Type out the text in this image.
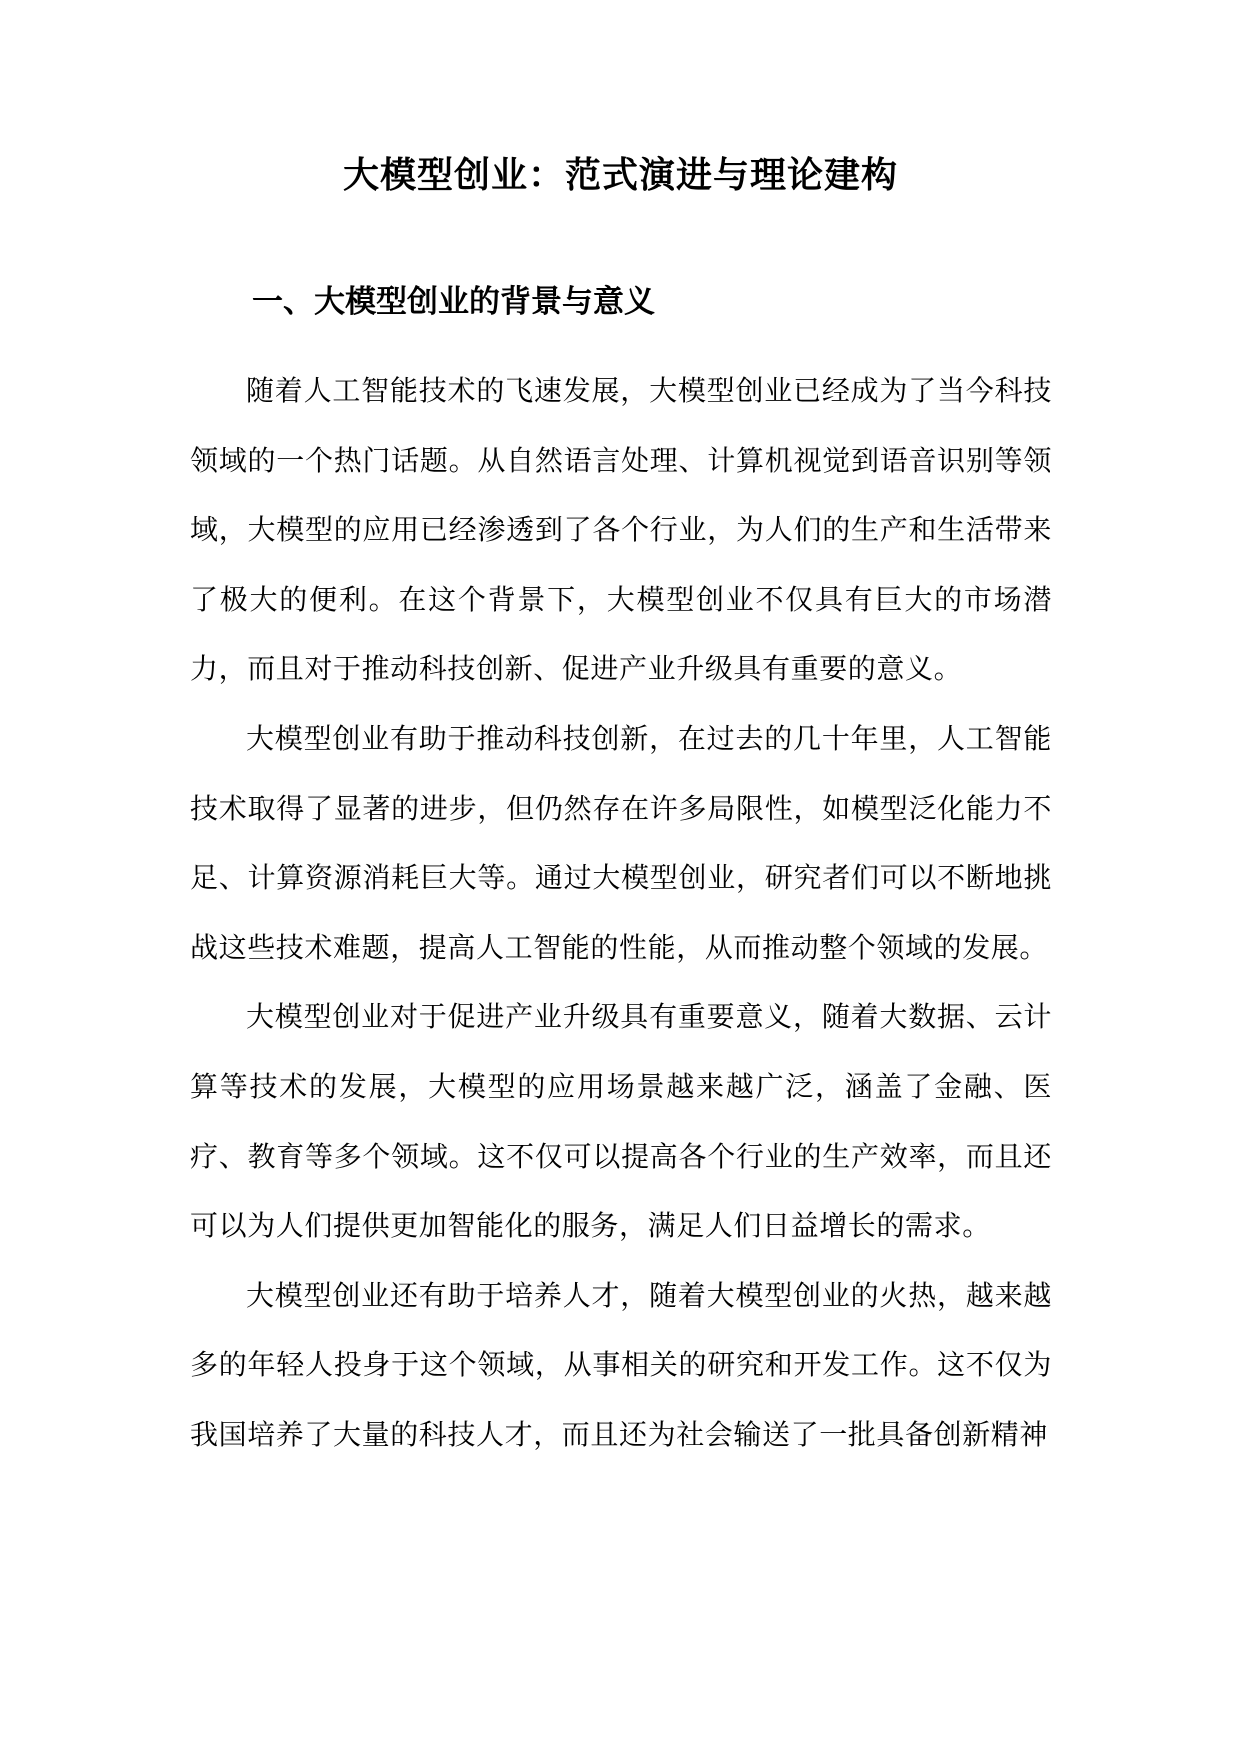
大模型创业：范式演进与理论建构
一、大模型创业的背景与意义

随着人工智能技术的飞速发展，大模型创业已经成为了当今科技领域的一个热门话题。从自然语言处理、计算机视觉到语音识别等领域，大模型的应用已经渗透到了各个行业，为人们的生产和生活带来了极大的便利。在这个背景下，大模型创业不仅具有巨大的市场潜力，而且对于推动科技创新、促进产业升级具有重要的意义。

大模型创业有助于推动科技创新，在过去的几十年里，人工智能技术取得了显著的进步，但仍然存在许多局限性，如模型泛化能力不足、计算资源消耗巨大等。通过大模型创业，研究者们可以不断地挑战这些技术难题，提高人工智能的性能，从而推动整个领域的发展。

大模型创业对于促进产业升级具有重要意义，随着大数据、云计算等技术的发展，大模型的应用场景越来越广泛，涵盖了金融、医疗、教育等多个领域。这不仅可以提高各个行业的生产效率，而且还可以为人们提供更加智能化的服务，满足人们日益增长的需求。

大模型创业还有助于培养人才，随着大模型创业的火热，越来越多的年轻人投身于这个领域，从事相关的研究和开发工作。这不仅为我国培养了大量的科技人才，而且还为社会输送了一批具备创新精神
